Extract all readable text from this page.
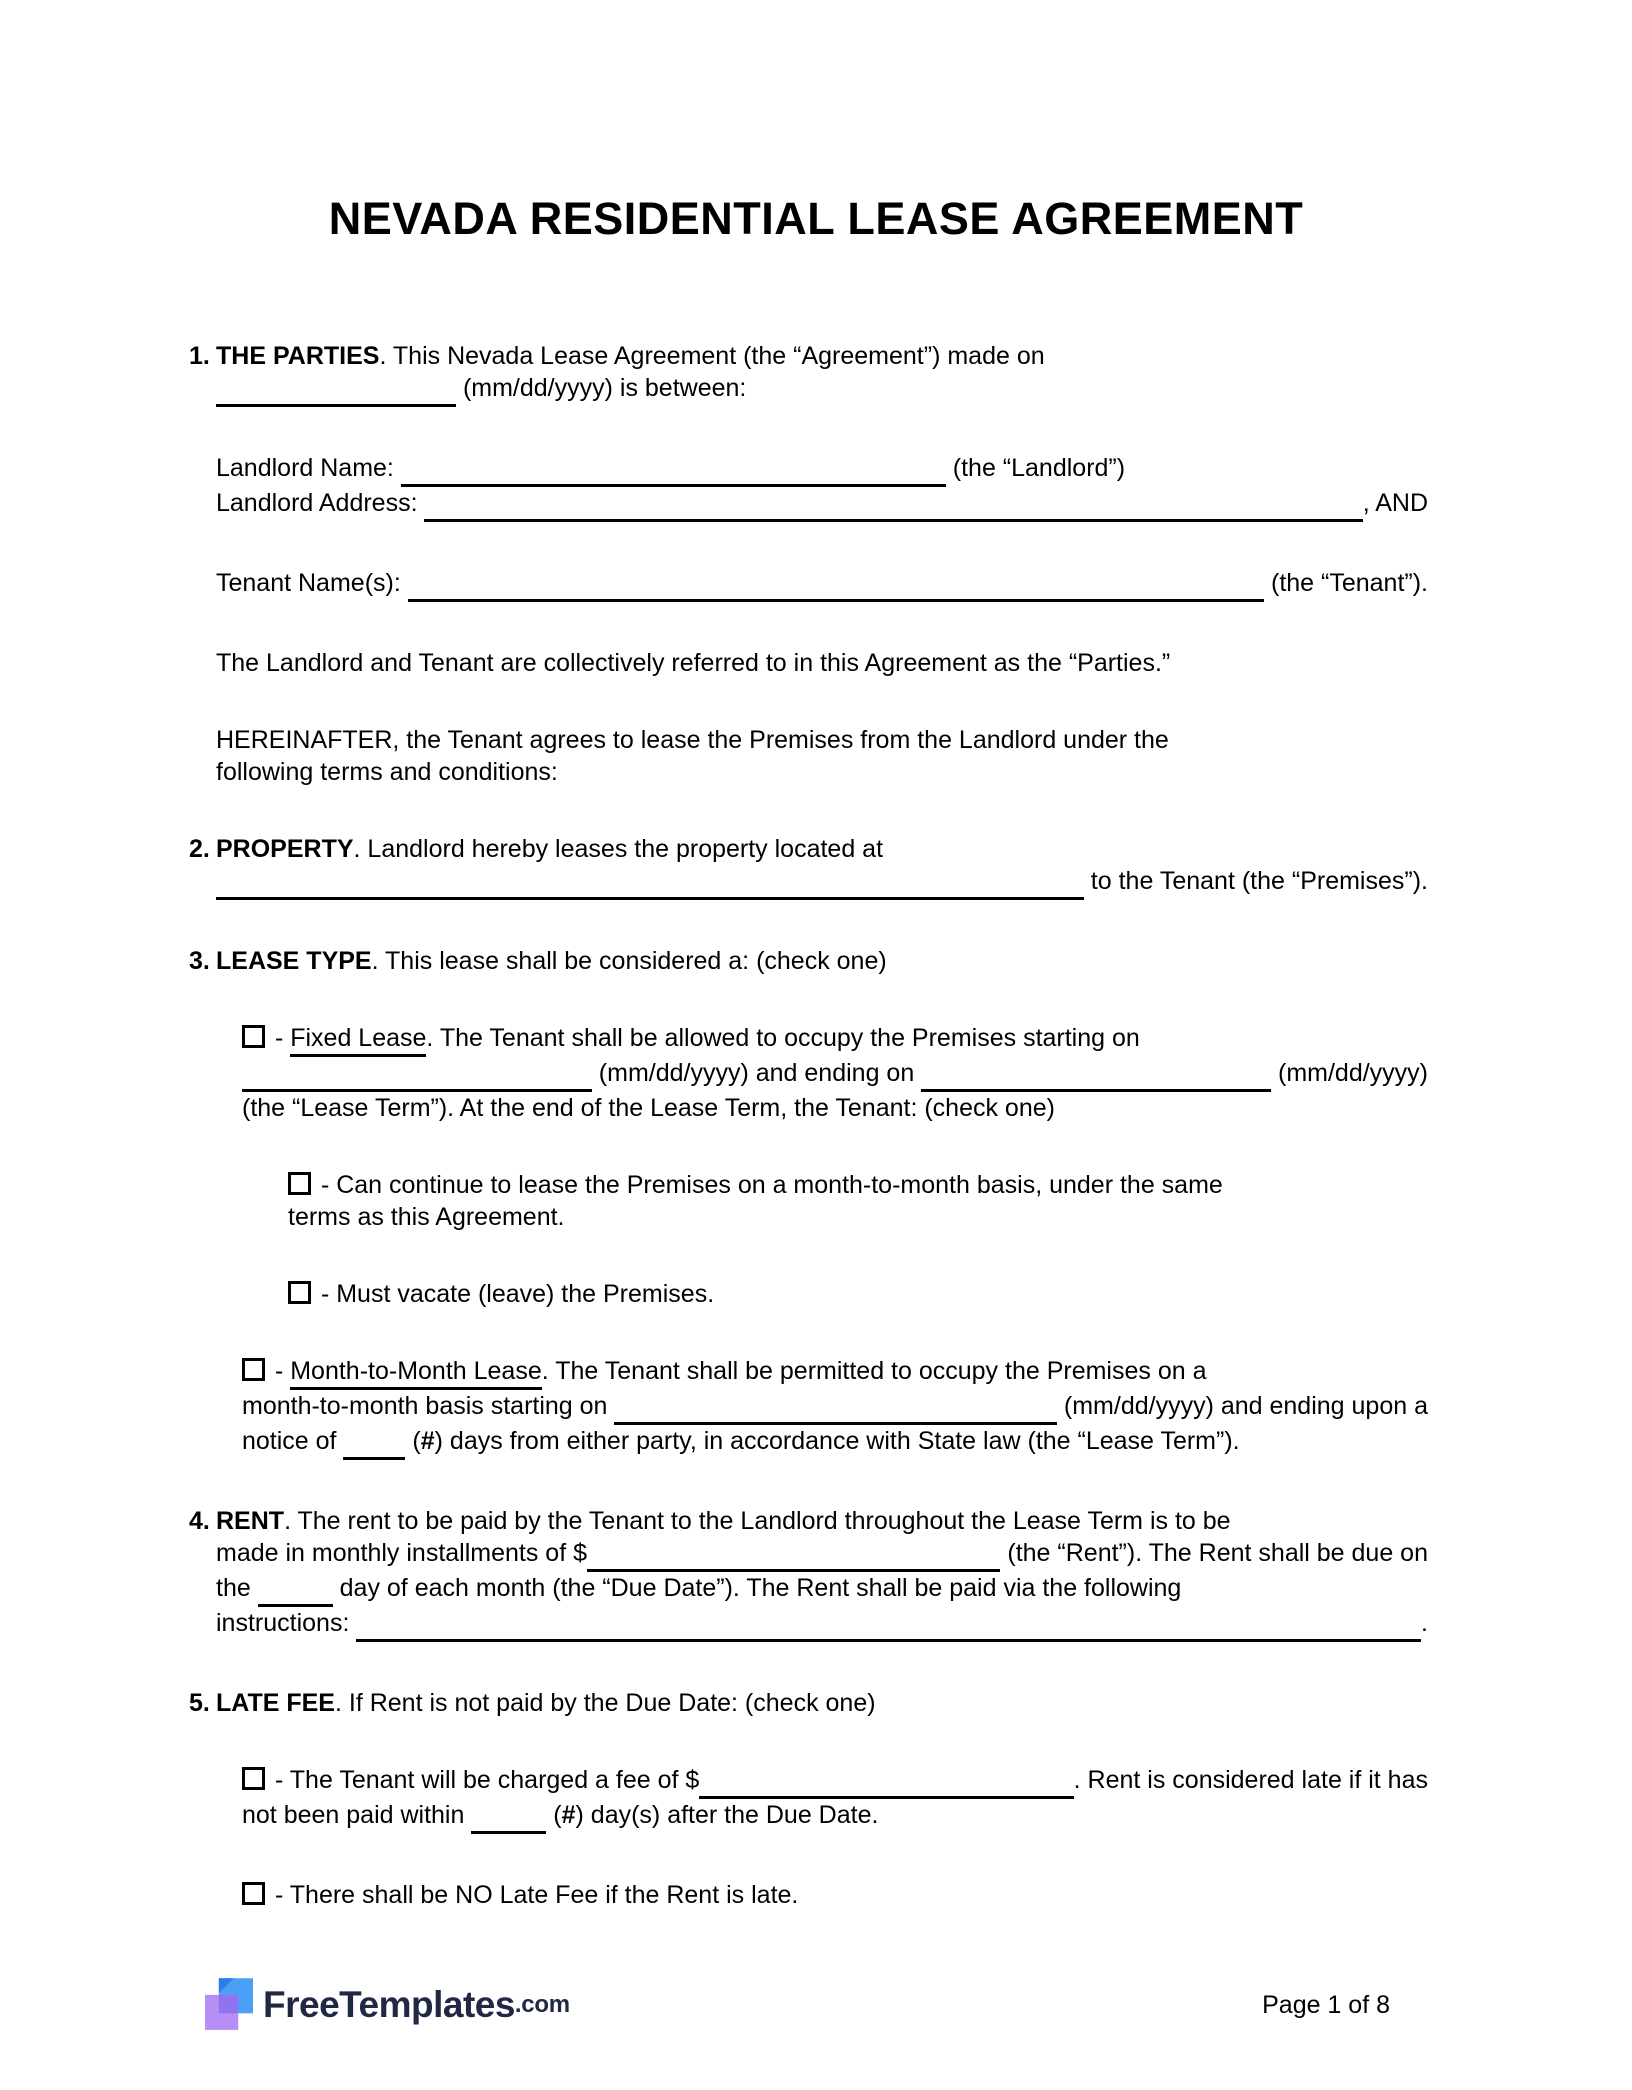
NEVADA RESIDENTIAL LEASE AGREEMENT
1. THE PARTIES . This Nevada Lease Agreement (the “Agreement”) made on

(mm/dd/yyyy) is between:
Landlord Name:
	(the “Landlord”)
Landlord Address:
	, AND
Tenant Name(s):
	(the “Tenant”).
The Landlord and Tenant are collectively referred to in this Agreement as the “Parties.”
HEREINAFTER, the Tenant agrees to lease the Premises from the Landlord under the
following terms and conditions:
2. PROPERTY . Landlord hereby leases the property located at

to the Tenant (the “Premises”).
3. LEASE TYPE . This lease shall be considered a: (check one)
- Fixed Lease . The Tenant shall be allowed to occupy the Premises starting on

(mm/dd/yyyy) and ending on
	(mm/dd/yyyy)
(the “Lease Term”). At the end of the Lease Term, the Tenant: (check one)
- Can continue to lease the Premises on a month-to-month basis, under the same
terms as this Agreement.
- Must vacate (leave) the Premises.
- Month-to-Month Lease . The Tenant shall be permitted to occupy the Premises on a
month-to-month basis starting on
	(mm/dd/yyyy) and ending upon a
notice of
( # ) days from either party, in accordance with State law (the “Lease Term”).
4. RENT . The rent to be paid by the Tenant to the Landlord throughout the Lease Term is to be
made in monthly installments of $
	(the “Rent”). The Rent shall be due on
the
	day of each month (the “Due Date”). The Rent shall be paid via the following
instructions:
	.
5. LATE FEE . If Rent is not paid by the Due Date: (check one)
- The Tenant will be charged a fee of $
	. Rent is considered late if it has
not been paid within
	( # ) day(s) after the Due Date.
- There shall be NO Late Fee if the Rent is late.
FreeTemplates .com	Page 1 of 8
